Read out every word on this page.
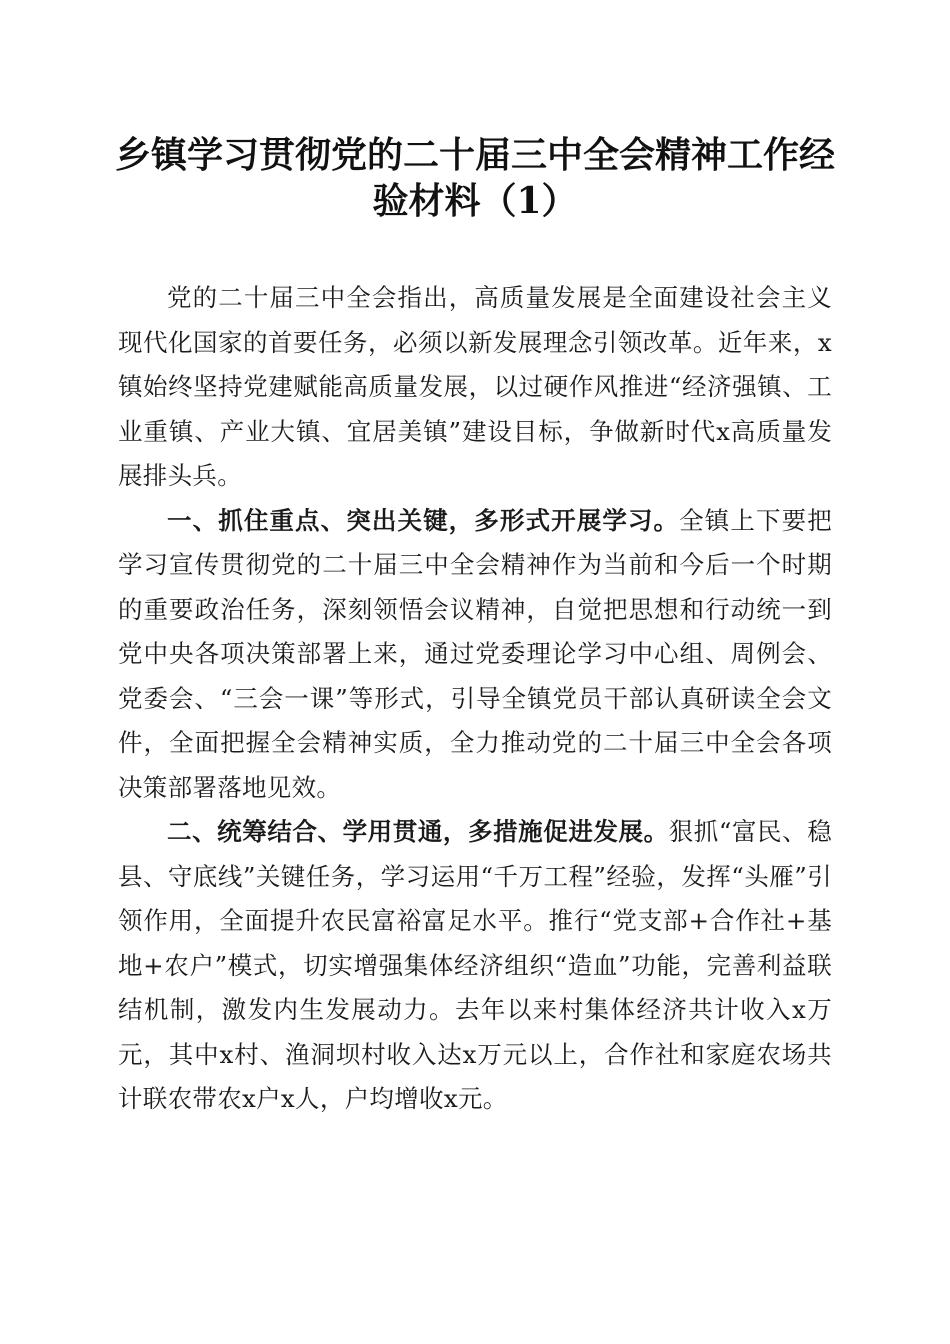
乡镇学习贯彻党的二十届三中全会精神工作经
验材料（1）

党的二十届三中全会指出，高质量发展是全面建设社会主义现代化国家的首要任务，必须以新发展理念引领改革。近年来，x镇始终坚持党建赋能高质量发展，以过硬作风推进“经济强镇、工业重镇、产业大镇、宜居美镇”建设目标，争做新时代x高质量发展排头兵。

一、抓住重点、突出关键，多形式开展学习。全镇上下要把学习宣传贯彻党的二十届三中全会精神作为当前和今后一个时期的重要政治任务，深刻领悟会议精神，自觉把思想和行动统一到党中央各项决策部署上来，通过党委理论学习中心组、周例会、党委会、“三会一课”等形式，引导全镇党员干部认真研读全会文件，全面把握全会精神实质，全力推动党的二十届三中全会各项决策部署落地见效。

二、统筹结合、学用贯通，多措施促进发展。狠抓“富民、稳县、守底线”关键任务，学习运用“千万工程”经验，发挥“头雁”引领作用，全面提升农民富裕富足水平。推行“党支部+合作社+基地+农户”模式，切实增强集体经济组织“造血”功能，完善利益联结机制，激发内生发展动力。去年以来村集体经济共计收入x万元，其中x村、渔洞坝村收入达x万元以上，合作社和家庭农场共计联农带农x户x人，户均增收x元。
